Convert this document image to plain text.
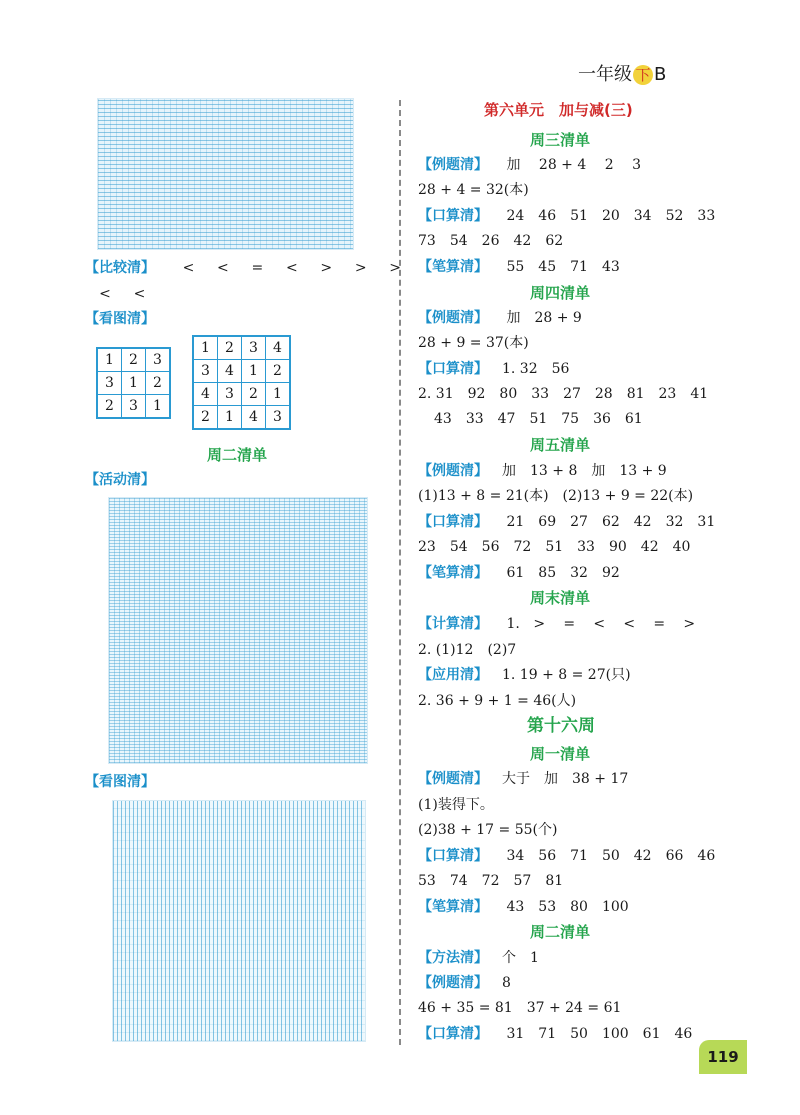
一年级 下 B
【 比较清 】	< < = < > > >
< <
【 看图清 】
1	2	3
3	1	2
2	3	1
1	2	3	4
3	4	1	2
4	3	2	1
2	1	4	3
周二清单
【 活动清 】
【 看图清 】
第六单元　加与减(三)
周三清单
【 例题清 】 加 28 + 4 2 3
28 + 4 = 32(本)
【 口算清 】 24 46 51 20 34 52 33
73 54 26 42 62
【 笔算清 】 55 45 71 43
周四清单
【 例题清 】 加 28 + 9
28 + 9 = 37(本)
【 口算清 】 1. 32　56
2. 31　92　80　33　27　28　81　23　41
43　33　47　51　75　36　61
周五清单
【 例题清 】 加　13 + 8　加　13 + 9
(1)13 + 8 = 21(本)　(2)13 + 9 = 22(本)
【 口算清 】 21 69 27 62 42 32 31
23 54 56 72 51 33 90 42 40
【 笔算清 】 61 85 32 92
周末清单
【 计算清 】 1. > = < < = >
2. (1)12　(2)7
【 应用清 】 1. 19 + 8 = 27(只)
2. 36 + 9 + 1 = 46(人)
第十六周
周一清单
【 例题清 】 大于　加　38 + 17
(1)装得下。
(2)38 + 17 = 55(个)
【 口算清 】 34 56 71 50 42 66 46
53 74 72 57 81
【 笔算清 】 43 53 80 100
周二清单
【 方法清 】 个　1
【 例题清 】 8
46 + 35 = 81　37 + 24 = 61
【 口算清 】 31 71 50 100 61 46
119
